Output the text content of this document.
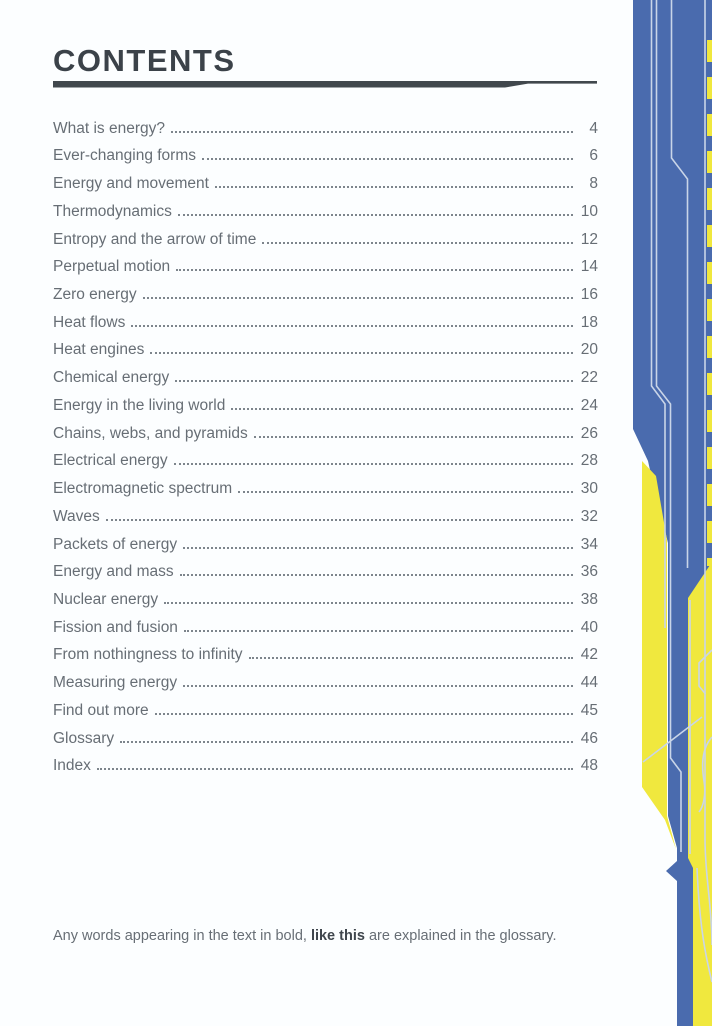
CONTENTS
What is energy?	4
Ever-changing forms	6
Energy and movement	8
Thermodynamics	10
Entropy and the arrow of time	12
Perpetual motion	14
Zero energy	16
Heat flows	18
Heat engines	20
Chemical energy	22
Energy in the living world	24
Chains, webs, and pyramids	26
Electrical energy	28
Electromagnetic spectrum	30
Waves	32
Packets of energy	34
Energy and mass	36
Nuclear energy	38
Fission and fusion	40
From nothingness to infinity	42
Measuring energy	44
Find out more	45
Glossary	46
Index	48

Any words appearing in the text in bold, like this are explained in the glossary.
